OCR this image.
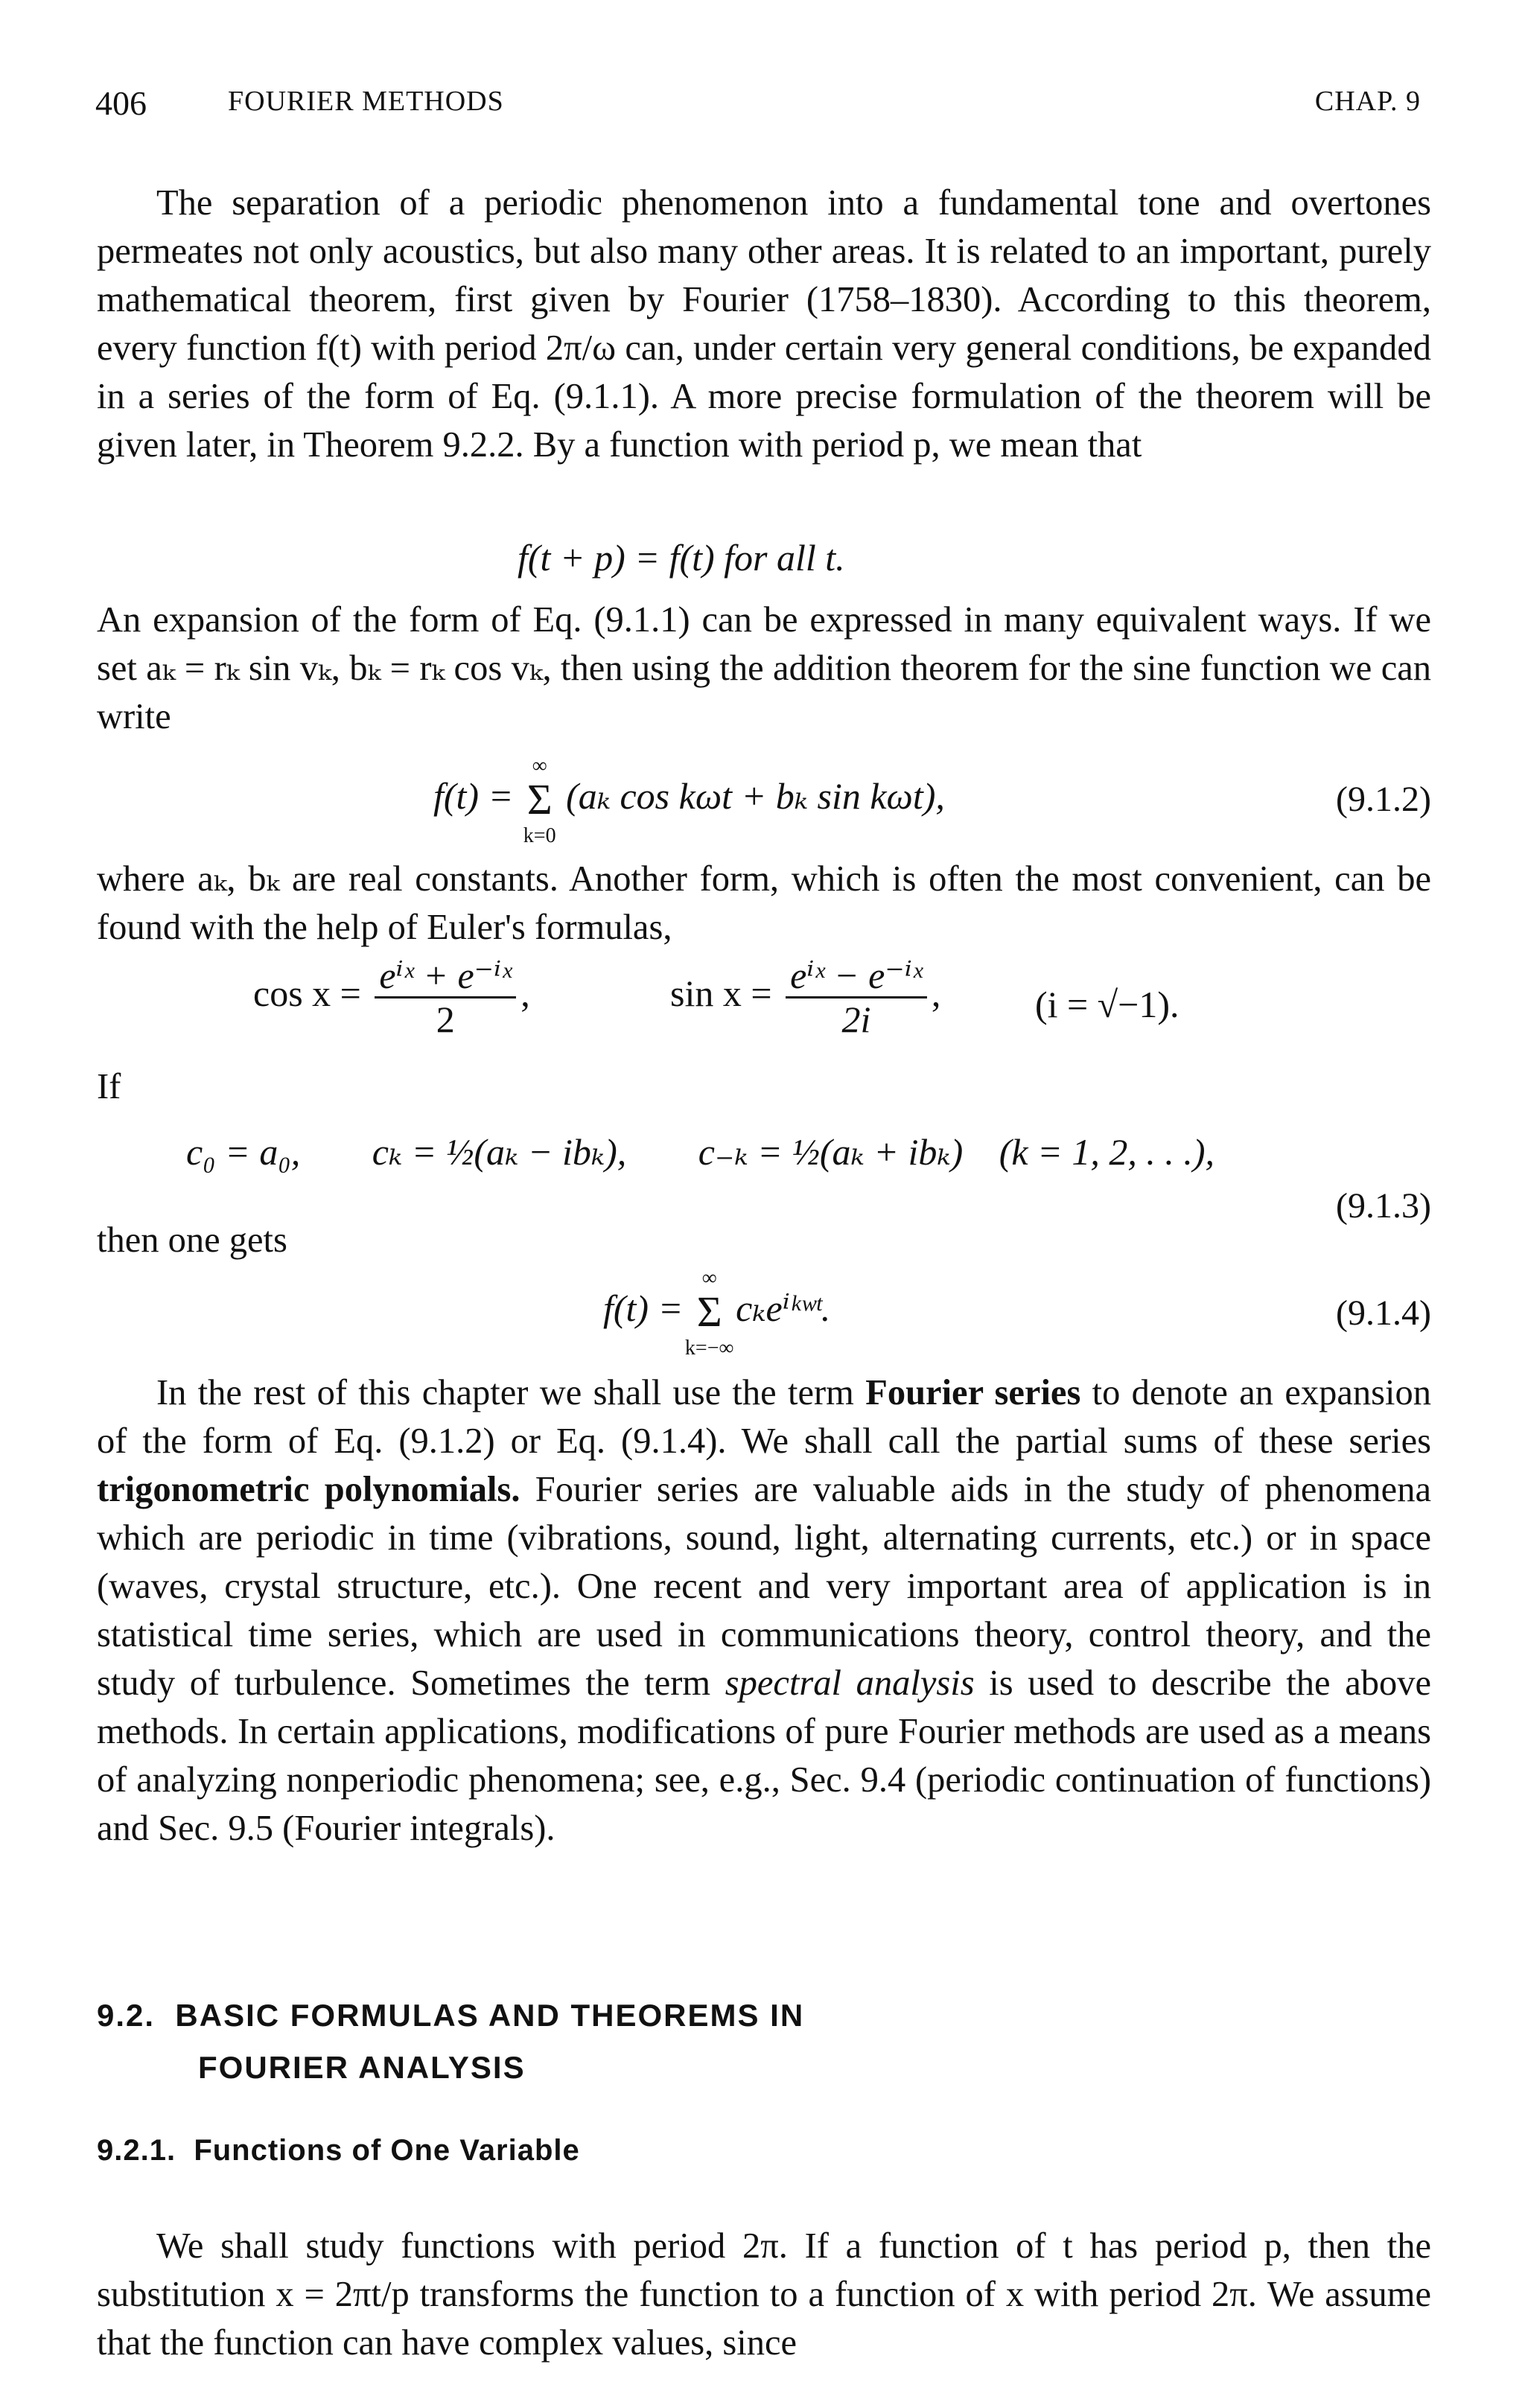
406	FOURIER METHODS	CHAP. 9

The separation of a periodic phenomenon into a fundamental tone and overtones permeates not only acoustics, but also many other areas. It is related to an important, purely mathematical theorem, first given by Fourier (1758–1830). According to this theorem, every function f(t) with period 2π/ω can, under certain very general conditions, be expanded in a series of the form of Eq. (9.1.1). A more precise formulation of the theorem will be given later, in Theorem 9.2.2. By a function with period p, we mean that

f(t + p) = f(t) for all t.

An expansion of the form of Eq. (9.1.1) can be expressed in many equivalent ways. If we set aₖ = rₖ sin vₖ, bₖ = rₖ cos vₖ, then using the addition theorem for the sine function we can write

f(t) =
∞
Σ
k=0
(aₖ cos kωt + bₖ sin kωt),	(9.1.2)

where aₖ, bₖ are real constants. Another form, which is often the most convenient, can be found with the help of Euler's formulas,

$\cos x = \frac{\text{eⁱˣ + e⁻ⁱˣ}}{2}$ ,	$\sin x = \frac{\text{eⁱˣ − e⁻ⁱˣ}}{2i}$ ,	(i = √−1).
If
c₀ = a₀, cₖ = ½(aₖ − ibₖ), c₋ₖ = ½(aₖ + ibₖ) (k = 1, 2, . . .),
(9.1.3)
then one gets
f(t) =
∞
Σ
k=−∞
cₖeⁱᵏʷᵗ.	(9.1.4)

In the rest of this chapter we shall use the term Fourier series to denote an expansion of the form of Eq. (9.1.2) or Eq. (9.1.4). We shall call the partial sums of these series trigonometric polynomials. Fourier series are valuable aids in the study of phenomena which are periodic in time (vibrations, sound, light, alternating currents, etc.) or in space (waves, crystal structure, etc.). One recent and very important area of application is in statistical time series, which are used in communications theory, control theory, and the study of turbulence. Sometimes the term spectral analysis is used to describe the above methods. In certain applications, modifications of pure Fourier methods are used as a means of analyzing nonperiodic phenomena; see, e.g., Sec. 9.4 (periodic continuation of functions) and Sec. 9.5 (Fourier integrals).

9.2. BASIC FORMULAS AND THEOREMS IN
FOURIER ANALYSIS
9.2.1. Functions of One Variable

We shall study functions with period 2π. If a function of t has period p, then the substitution x = 2πt/p transforms the function to a function of x with period 2π. We assume that the function can have complex values, since
